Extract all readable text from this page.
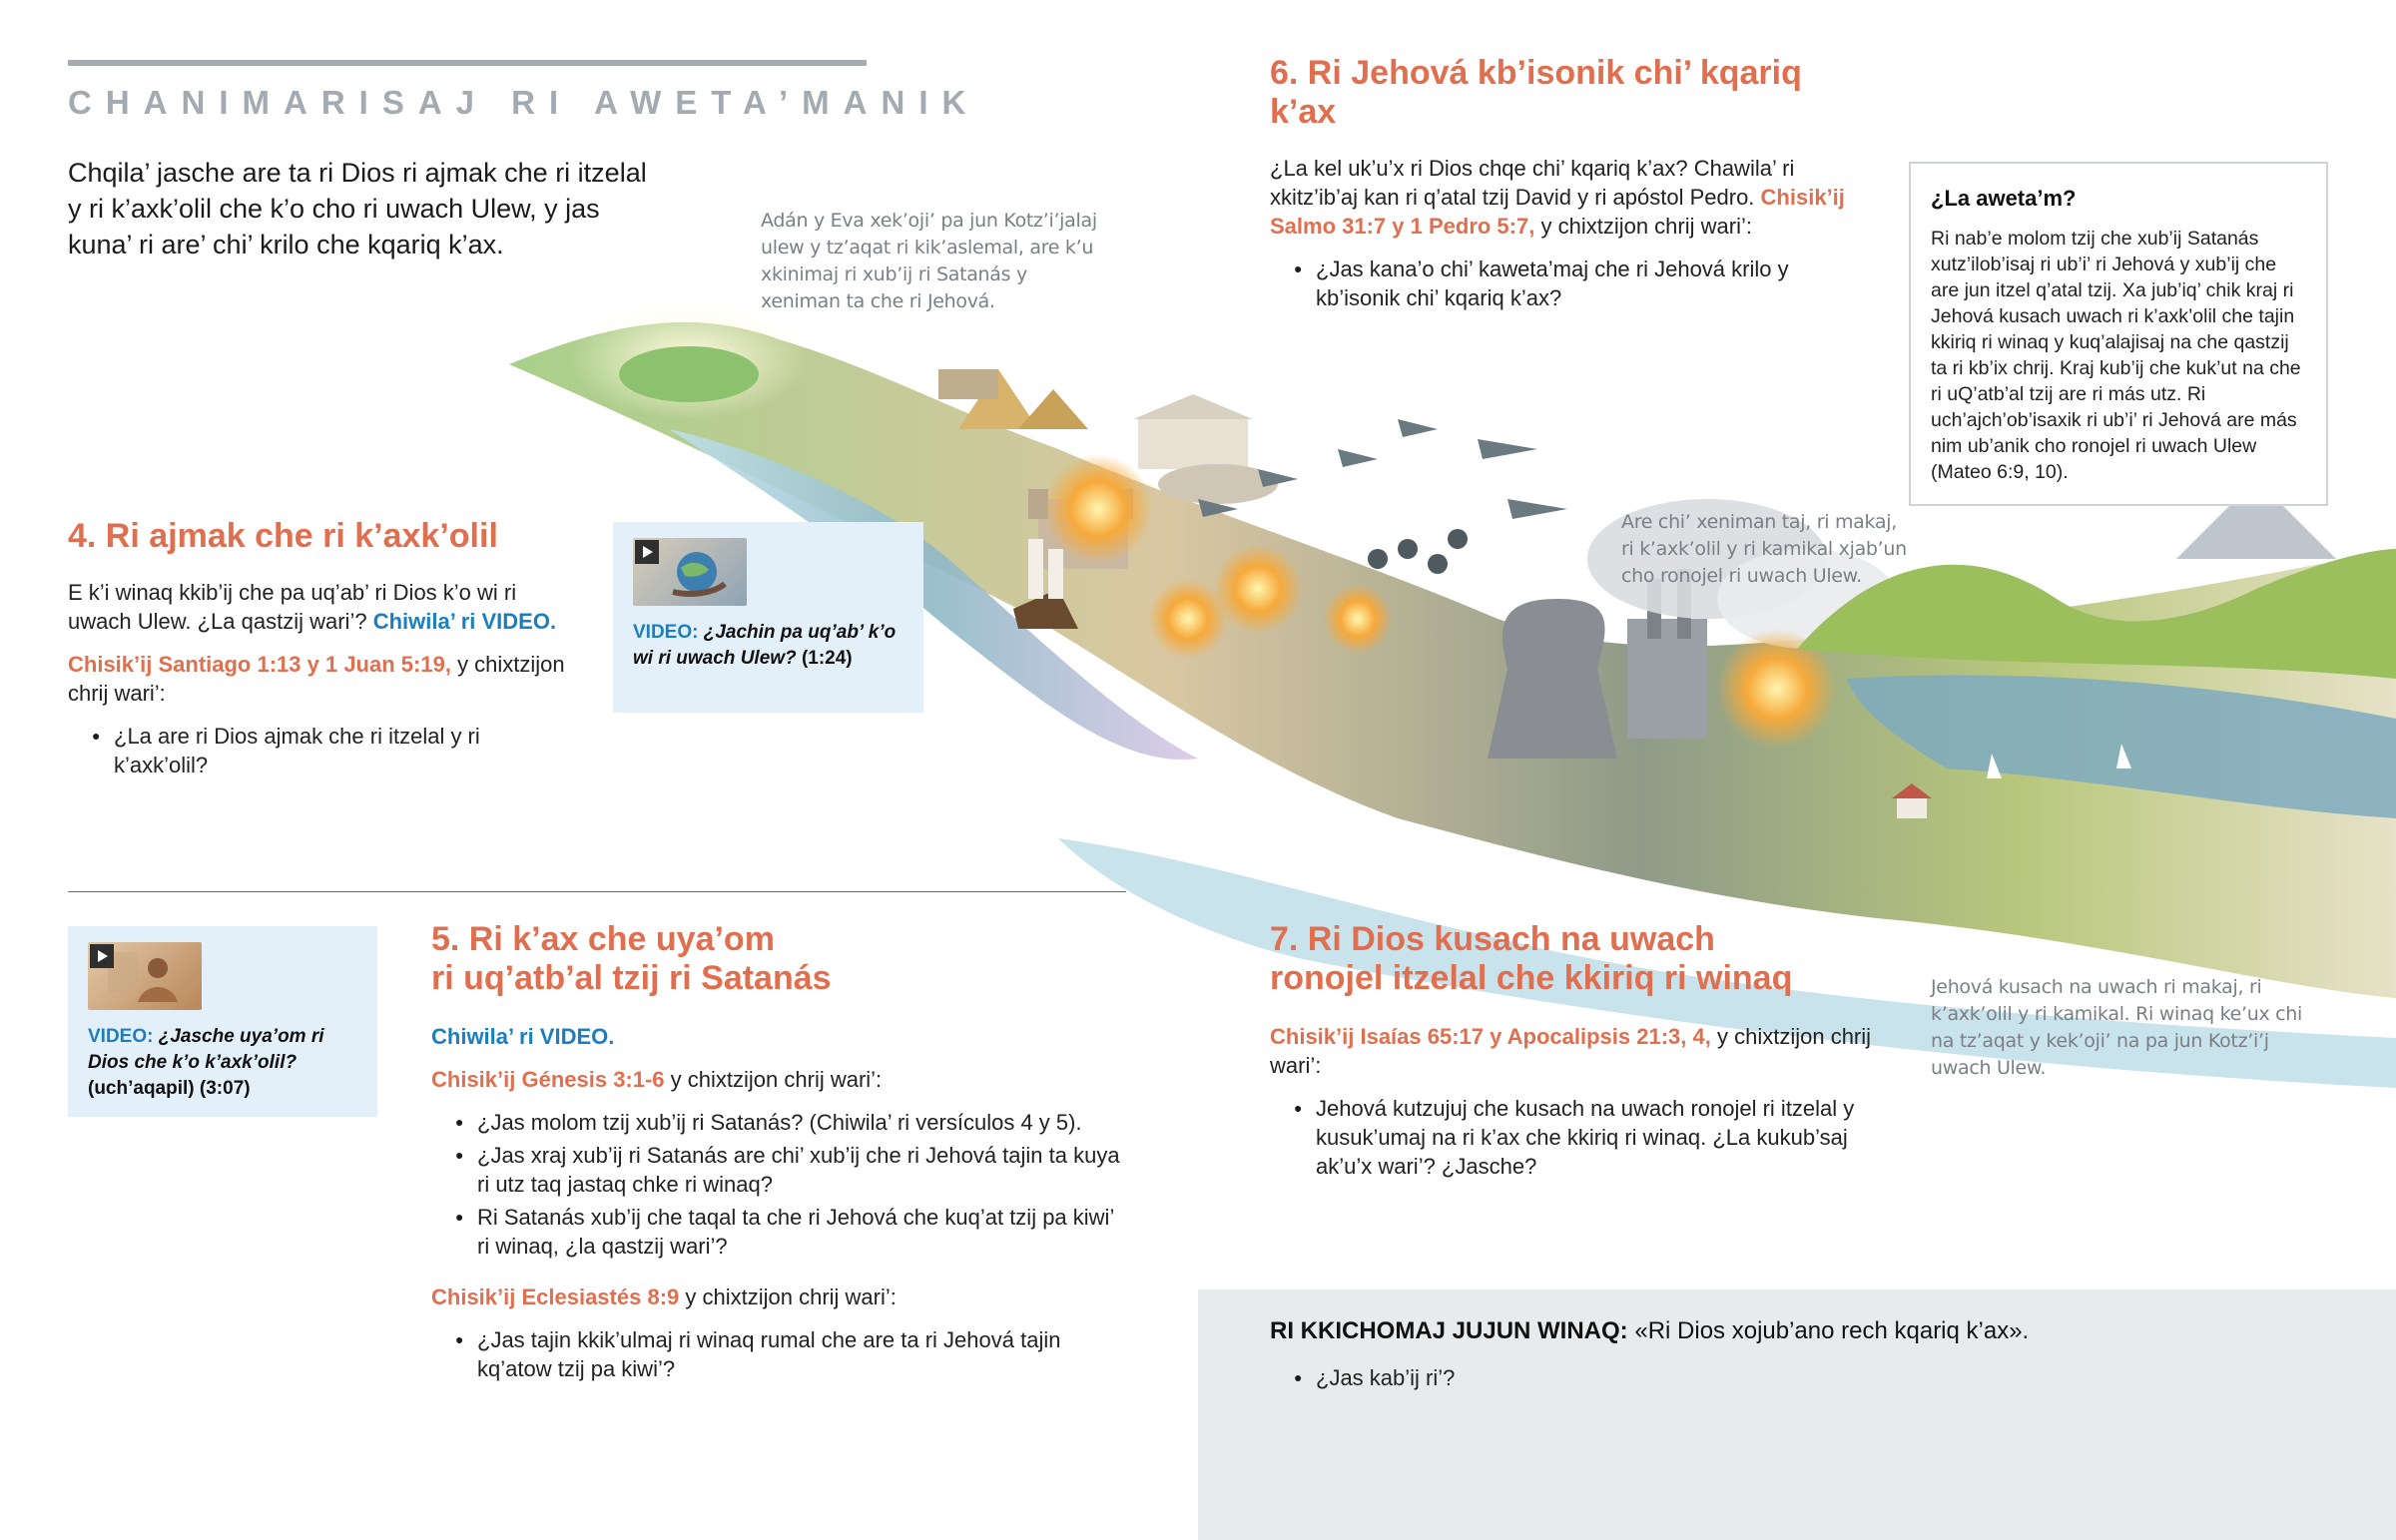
CHANIMARISAJ RI AWETA’MANIK
Chqila’ jasche are ta ri Dios ri ajmak che ri itzelal y ri k’axk’olil che k’o cho ri uwach Ulew, y jas kuna’ ri are’ chi’ krilo che kqariq k’ax.
Adán y Eva xek’oji’ pa jun Kotz’i’jalaj ulew y tz’aqat ri kik’aslemal, are k’u xkinimaj ri xub’ij ri Satanás y xeniman ta che ri Jehová.
Are chi’ xeniman taj, ri makaj, ri k’axk’olil y ri kamikal xjab’un cho ronojel ri uwach Ulew.
Jehová kusach na uwach ri makaj, ri k’axk’olil y ri kamikal. Ri winaq ke’ux chi na tz’aqat y kek’oji’ na pa jun Kotz’i’j uwach Ulew.
4. Ri ajmak che ri k’axk’olil
E k’i winaq kkib’ij che pa uq’ab’ ri Dios k’o wi ri uwach Ulew. ¿La qastzij wari’? Chiwila’ ri VIDEO.
Chisik’ij Santiago 1:13 y 1 Juan 5:19, y chixtzijon chrij wari’:
● ¿La are ri Dios ajmak che ri itzelal y ri k’axk’olil?
VIDEO: ¿Jachin pa uq’ab’ k’o wi ri uwach Ulew? (1:24)
VIDEO: ¿Jasche uya’om ri Dios che k’o k’axk’olil? (uch’aqapil) (3:07)
5. Ri k’ax che uya’om
ri uq’atb’al tzij ri Satanás
Chiwila’ ri VIDEO.
Chisik’ij Génesis 3:1-6 y chixtzijon chrij wari’:
● ¿Jas molom tzij xub’ij ri Satanás? (Chiwila’ ri versículos 4 y 5).
● ¿Jas xraj xub’ij ri Satanás are chi’ xub’ij che ri Jehová tajin ta kuya ri utz taq jastaq chke ri winaq?
● Ri Satanás xub’ij che taqal ta che ri Jehová che kuq’at tzij pa kiwi’ ri winaq, ¿la qastzij wari’?
Chisik’ij Eclesiastés 8:9 y chixtzijon chrij wari’:
● ¿Jas tajin kkik’ulmaj ri winaq rumal che are ta ri Jehová tajin kq’atow tzij pa kiwi’?
6. Ri Jehová kb’isonik chi’ kqariq k’ax
¿La kel uk’u’x ri Dios chqe chi’ kqariq k’ax? Chawila’ ri xkitz’ib’aj kan ri q’atal tzij David y ri apóstol Pedro. Chisik’ij Salmo 31:7 y 1 Pedro 5:7, y chixtzijon chrij wari’:
● ¿Jas kana’o chi’ kaweta’maj che ri Jehová krilo y kb’isonik chi’ kqariq k’ax?
¿La aweta’m?
Ri nab’e molom tzij che xub’ij Satanás xutz’ilob’isaj ri ub’i’ ri Jehová y xub’ij che are jun itzel q’atal tzij. Xa jub’iq’ chik kraj ri Jehová kusach uwach ri k’axk’olil che tajin kkiriq ri winaq y kuq’alajisaj na che qastzij ta ri kb’ix chrij. Kraj kub’ij che kuk’ut na che ri uQ’atb’al tzij are ri más utz. Ri uch’ajch’ob’isaxik ri ub’i’ ri Jehová are más nim ub’anik cho ronojel ri uwach Ulew (Mateo 6:9, 10).
7. Ri Dios kusach na uwach
ronojel itzelal che kkiriq ri winaq
Chisik’ij Isaías 65:17 y Apocalipsis 21:3, 4, y chixtzijon chrij wari’:
● Jehová kutzujuj che kusach na uwach ronojel ri itzelal y kusuk’umaj na ri k’ax che kkiriq ri winaq. ¿La kukub’saj ak’u’x wari’? ¿Jasche?
RI KKICHOMAJ JUJUN WINAQ: «Ri Dios xojub’ano rech kqariq k’ax».
● ¿Jas kab’ij ri’?
